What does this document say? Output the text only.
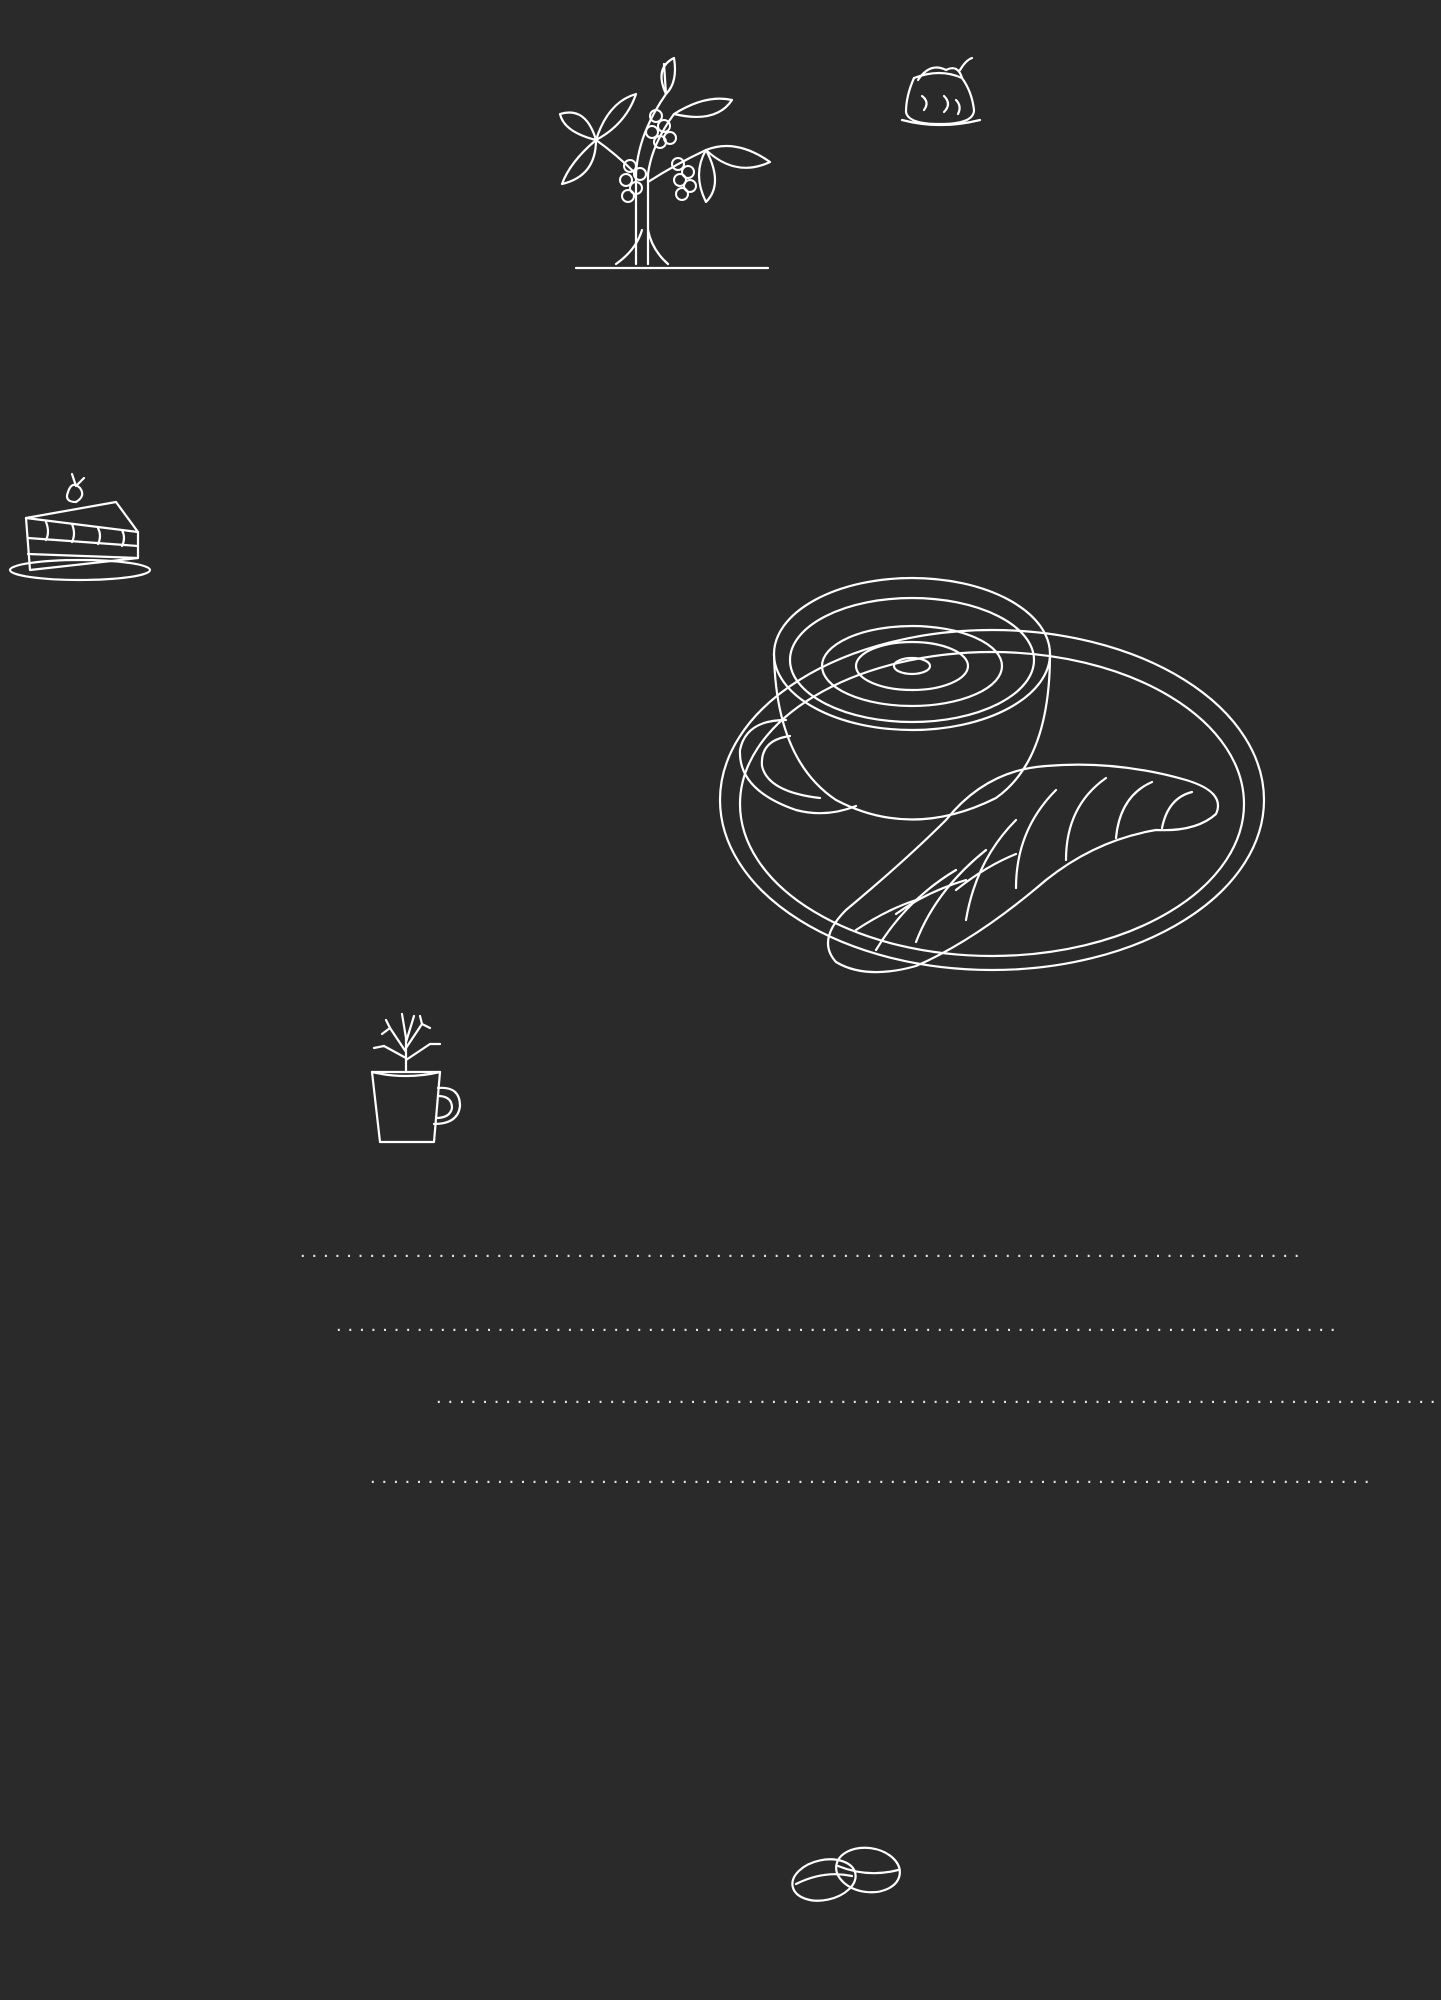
.......................................................................................
.......................................................................................
.......................................................................................
.......................................................................................
